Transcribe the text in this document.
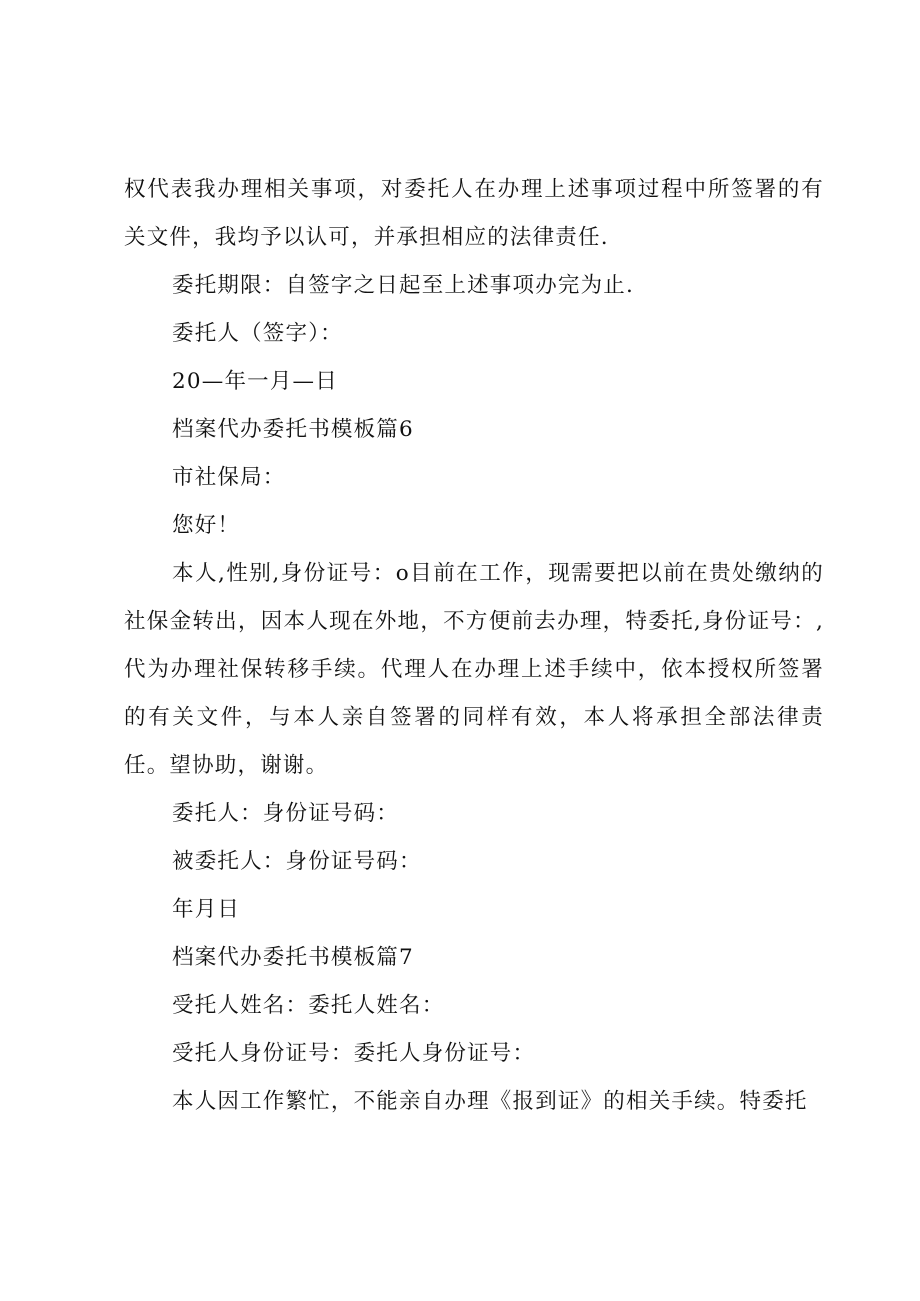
权代表我办理相关事项，对委托人在办理上述事项过程中所签署的有关文件，我均予以认可，并承担相应的法律责任.

委托期限：自签字之日起至上述事项办完为止.

委托人（签字）：

20—年一月—日

档案代办委托书模板篇6

市社保局：

您好！

本人,性别,身份证号：o目前在工作，现需要把以前在贵处缴纳的社保金转出，因本人现在外地，不方便前去办理，特委托,身份证号：,代为办理社保转移手续。代理人在办理上述手续中，依本授权所签署的有关文件，与本人亲自签署的同样有效，本人将承担全部法律责任。望协助，谢谢。

委托人：身份证号码：

被委托人：身份证号码：

年月日

档案代办委托书模板篇7

受托人姓名：委托人姓名：

受托人身份证号：委托人身份证号：

本人因工作繁忙，不能亲自办理《报到证》的相关手续。特委托
